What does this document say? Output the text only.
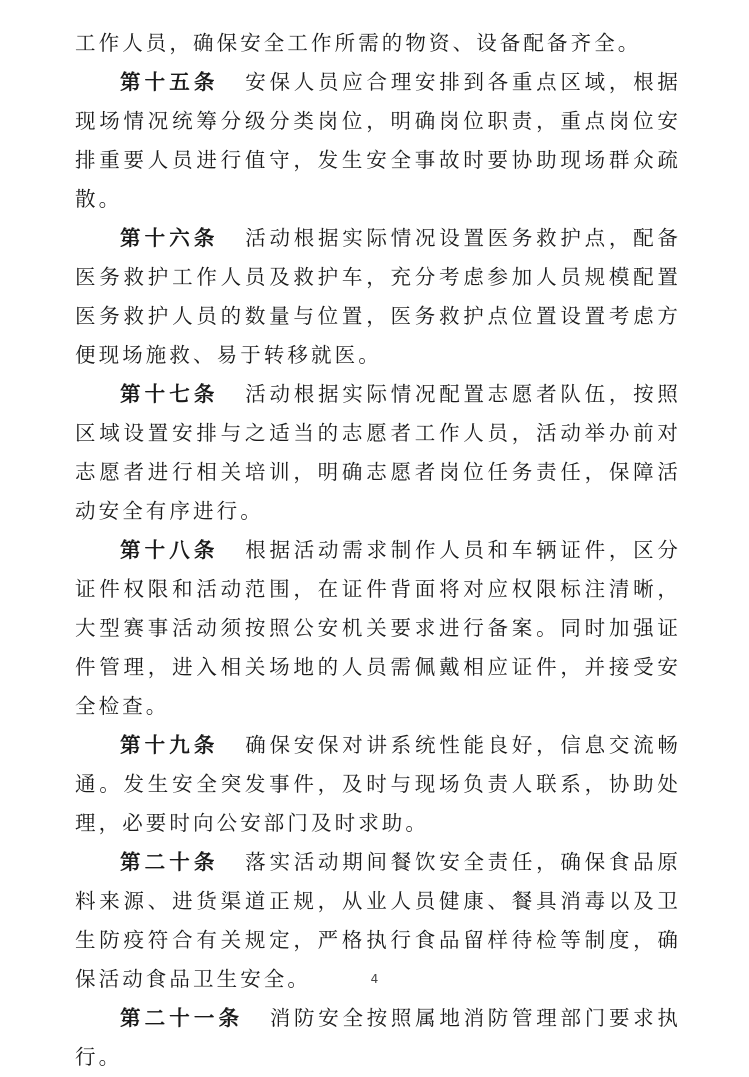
工作人员，确保安全工作所需的物资、设备配备齐全。

第十五条 安保人员应合理安排到各重点区域，根据现场情况统筹分级分类岗位，明确岗位职责，重点岗位安排重要人员进行值守，发生安全事故时要协助现场群众疏散。

第十六条 活动根据实际情况设置医务救护点，配备医务救护工作人员及救护车，充分考虑参加人员规模配置医务救护人员的数量与位置，医务救护点位置设置考虑方便现场施救、易于转移就医。

第十七条 活动根据实际情况配置志愿者队伍，按照区域设置安排与之适当的志愿者工作人员，活动举办前对志愿者进行相关培训，明确志愿者岗位任务责任，保障活动安全有序进行。

第十八条 根据活动需求制作人员和车辆证件，区分证件权限和活动范围，在证件背面将对应权限标注清晰，大型赛事活动须按照公安机关要求进行备案。同时加强证件管理，进入相关场地的人员需佩戴相应证件，并接受安全检查。

第十九条 确保安保对讲系统性能良好，信息交流畅通。发生安全突发事件，及时与现场负责人联系，协助处理，必要时向公安部门及时求助。

第二十条 落实活动期间餐饮安全责任，确保食品原料来源、进货渠道正规，从业人员健康、餐具消毒以及卫生防疫符合有关规定，严格执行食品留样待检等制度，确保活动食品卫生安全。

第二十一条 消防安全按照属地消防管理部门要求执行。

4
